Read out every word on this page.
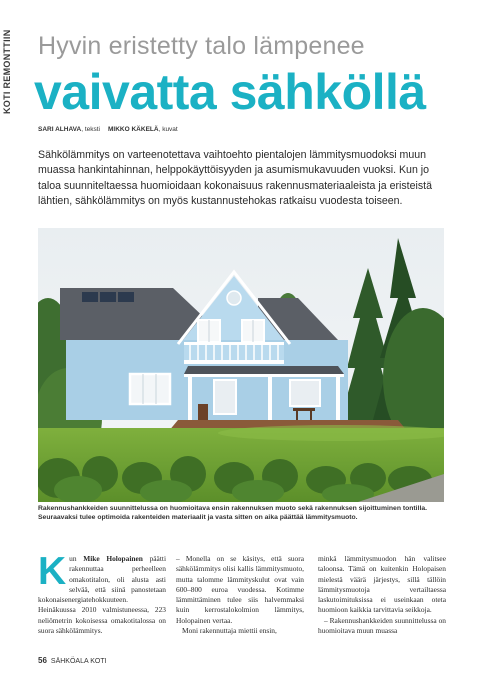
KOTI REMONTTIIN Hyvin eristetty talo lämpenee
vaivatta sähköllä
SARI ALHAVA, teksti MIKKO KÄKELÄ, kuvat
Sähkölämmitys on varteenotettava vaihtoehto pientalojen lämmitysmuodoksi muun muassa hankintahinnan, helppokäyttöisyyden ja asumismukavuuden vuoksi. Kun jo taloa suunniteltaessa huomioidaan kokonaisuus rakennusmateriaaleista ja eristeistä lähtien, sähkölämmitys on myös kustannustehokas ratkaisu vuodesta toiseen.
Rakennushankkeiden suunnittelussa on huomioitava ensin rakennuksen muoto sekä rakennuksen sijoittuminen tontilla. Seuraavaksi tulee optimoida rakenteiden materiaalit ja vasta sitten on aika päättää lämmitysmuoto.

Kun Mike Holopainen päätti rakennuttaa perheelleen omakotitalon, oli alusta asti selvää, että siinä panostetaan kokonaisenergiatehokkuuteen. Heinäkuussa 2010 valmistuneessa, 223 neliömetrin kokoisessa omakotitalossa on suora sähkölämmitys.

– Monella on se käsitys, että suora sähkölämmitys olisi kallis lämmitysmuoto, mutta talomme lämmityskulut ovat vain 600–800 euroa vuodessa. Kotimme lämmittäminen tulee siis halvemmaksi kuin kerrostalokolmion lämmitys, Holopainen vertaa.

Moni rakennuttaja miettii ensin,

minkä lämmitysmuodon hän valitsee taloonsa. Tämä on kuitenkin Holopaisen mielestä väärä järjestys, sillä tällöin lämmitysmuotoja vertailtaessa laskutoimituksissa ei useinkaan oteta huomioon kaikkia tarvittavia seikkoja.

– Rakennushankkeiden suunnittelussa on huomioitava muun muassa

56 SÄHKÖALA KOTI
